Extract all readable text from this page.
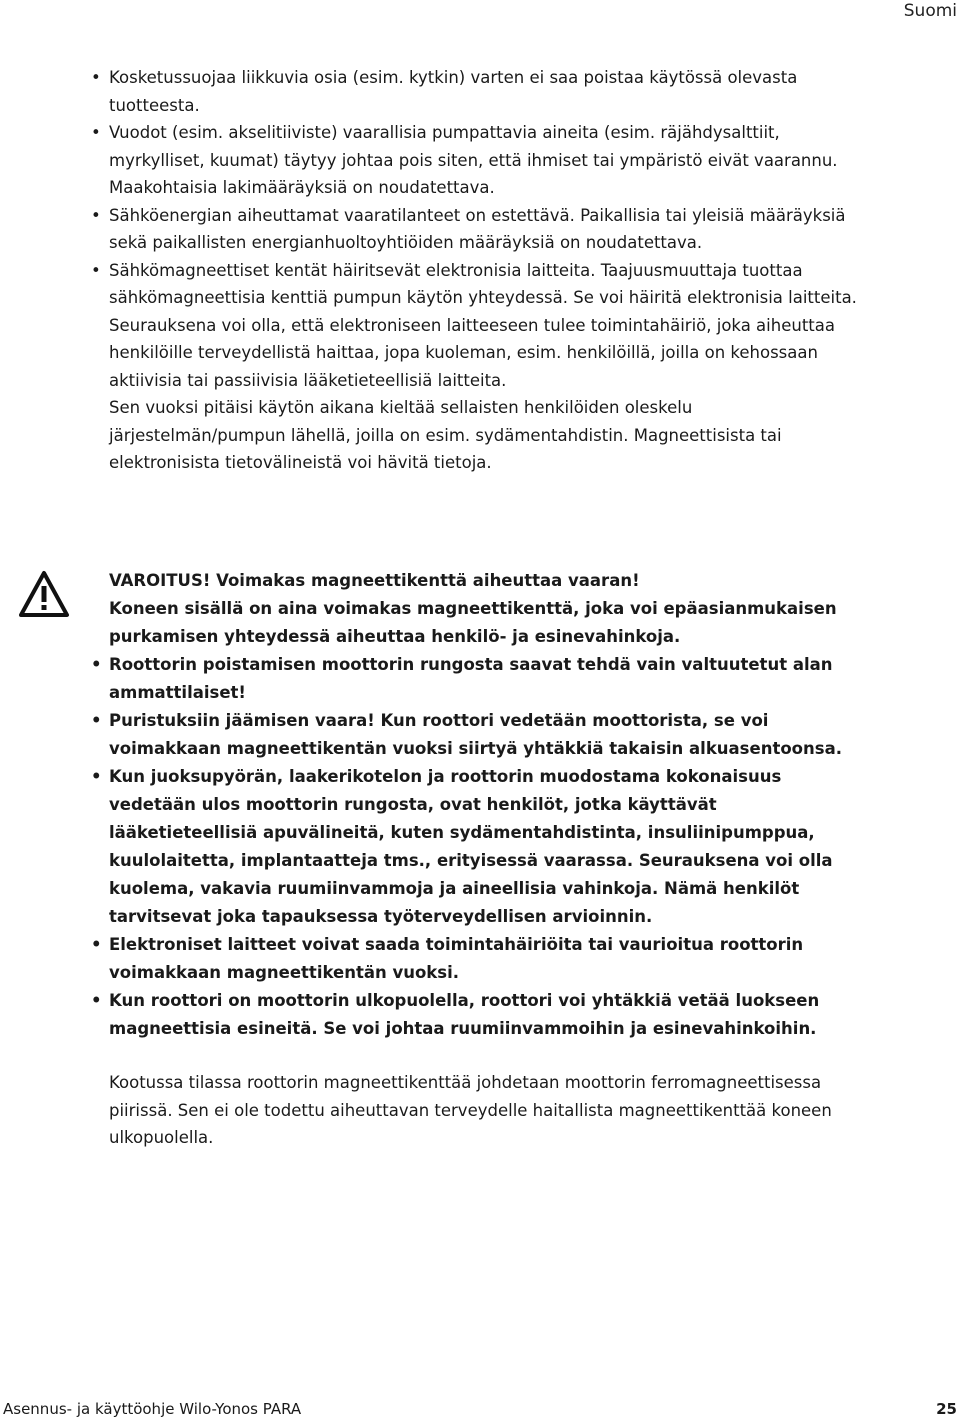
Suomi
• Kosketussuojaa liikkuvia osia (esim. kytkin) varten ei saa poistaa käytössä olevasta tuotteesta.
• Vuodot (esim. akselitiiviste) vaarallisia pumpattavia aineita (esim. räjähdysalttiit, myrkylliset, kuumat) täytyy johtaa pois siten, että ihmiset tai ympäristö eivät vaarannu. Maakohtaisia lakimääräyksiä on noudatettava.
• Sähköenergian aiheuttamat vaaratilanteet on estettävä. Paikallisia tai yleisiä määräyksiä sekä paikallisten energianhuoltoyhtiöiden määräyksiä on noudatettava.
• Sähkömagneettiset kentät häiritsevät elektronisia laitteita. Taajuusmuuttaja tuottaa sähkömagneettisia kenttiä pumpun käytön yhteydessä. Se voi häiritä elektronisia laitteita. Seurauksena voi olla, että elektroniseen laitteeseen tulee toimintahäiriö, joka aiheuttaa henkilöille terveydellistä haittaa, jopa kuoleman, esim. henkilöillä, joilla on kehossaan aktiivisia tai passiivisia lääketieteellisiä laitteita.

Sen vuoksi pitäisi käytön aikana kieltää sellaisten henkilöiden oleskelu järjestelmän/pumpun lähellä, joilla on esim. sydämentahdistin. Magneettisista tai elektronisista tietovälineistä voi hävitä tietoja.

VAROITUS! Voimakas magneettikenttä aiheuttaa vaaran!
Koneen sisällä on aina voimakas magneettikenttä, joka voi epäasianmukaisen purkamisen yhteydessä aiheuttaa henkilö- ja esinevahinkoja.
• Roottorin poistamisen moottorin rungosta saavat tehdä vain valtuutetut alan ammattilaiset!
• Puristuksiin jäämisen vaara! Kun roottori vedetään moottorista, se voi voimakkaan magneettikentän vuoksi siirtyä yhtäkkiä takaisin alkuasentoonsa.
• Kun juoksupyörän, laakerikotelon ja roottorin muodostama kokonaisuus vedetään ulos moottorin rungosta, ovat henkilöt, jotka käyttävät lääketieteellisiä apuvälineitä, kuten sydämentahdistinta, insuliinipumppua, kuulolaitetta, implantaatteja tms., erityisessä vaarassa. Seurauksena voi olla kuolema, vakavia ruumiinvammoja ja aineellisia vahinkoja. Nämä henkilöt tarvitsevat joka tapauksessa työterveydellisen arvioinnin.
• Elektroniset laitteet voivat saada toimintahäiriöita tai vaurioitua roottorin voimakkaan magneettikentän vuoksi.
• Kun roottori on moottorin ulkopuolella, roottori voi yhtäkkiä vetää luokseen magneettisia esineitä. Se voi johtaa ruumiinvammoihin ja esinevahinkoihin.

Kootussa tilassa roottorin magneettikenttää johdetaan moottorin ferromagneettisessa piirissä. Sen ei ole todettu aiheuttavan terveydelle haitallista magneettikenttää koneen ulkopuolella.

Asennus- ja käyttöohje Wilo-Yonos PARA	25
